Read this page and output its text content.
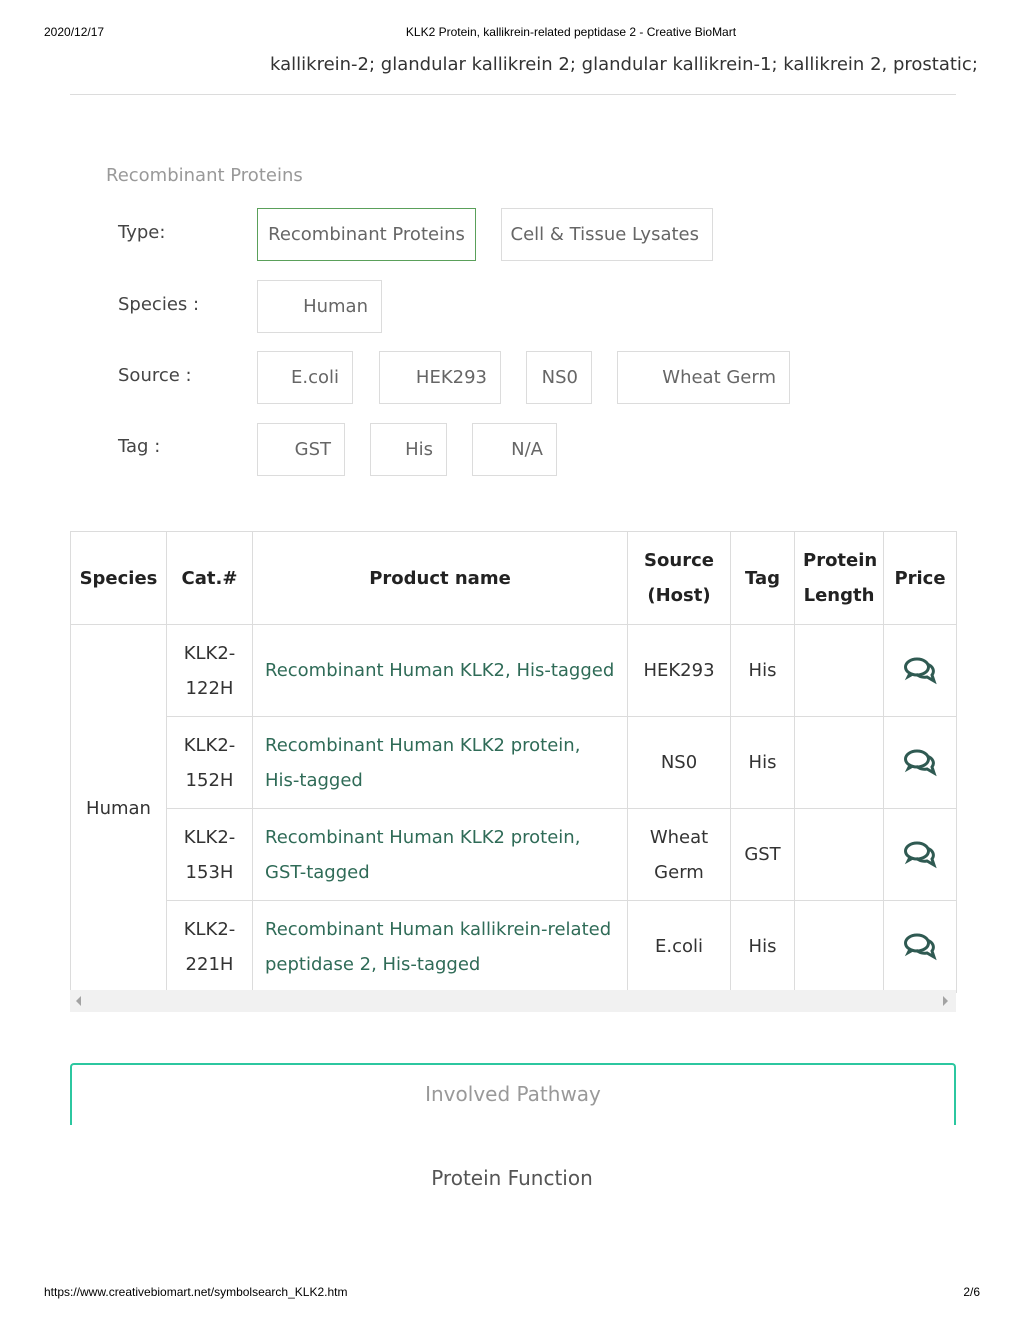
2020/12/17	KLK2 Protein, kallikrein-related peptidase 2 - Creative BioMart
kallikrein-2; glandular kallikrein 2; glandular kallikrein-1; kallikrein 2, prostatic;
Recombinant Proteins
Type:	Recombinant Proteins	Cell & Tissue Lysates
Species :	Human
Source :	E.coli	HEK293	NS0	Wheat Germ
Tag :	GST	His	N/A
Species	Cat.#	Product name	Source (Host)	Tag	Protein Length	Price
Human	KLK2-122H	Recombinant Human KLK2, His-tagged	HEK293	His		
	KLK2-152H	Recombinant Human KLK2 protein, His-tagged	NS0	His		
	KLK2-153H	Recombinant Human KLK2 protein, GST-tagged	Wheat Germ	GST		
	KLK2-221H	Recombinant Human kallikrein-related peptidase 2, His-tagged	E.coli	His		
Involved Pathway
Protein Function
https://www.creativebiomart.net/symbolsearch_KLK2.htm	2/6
